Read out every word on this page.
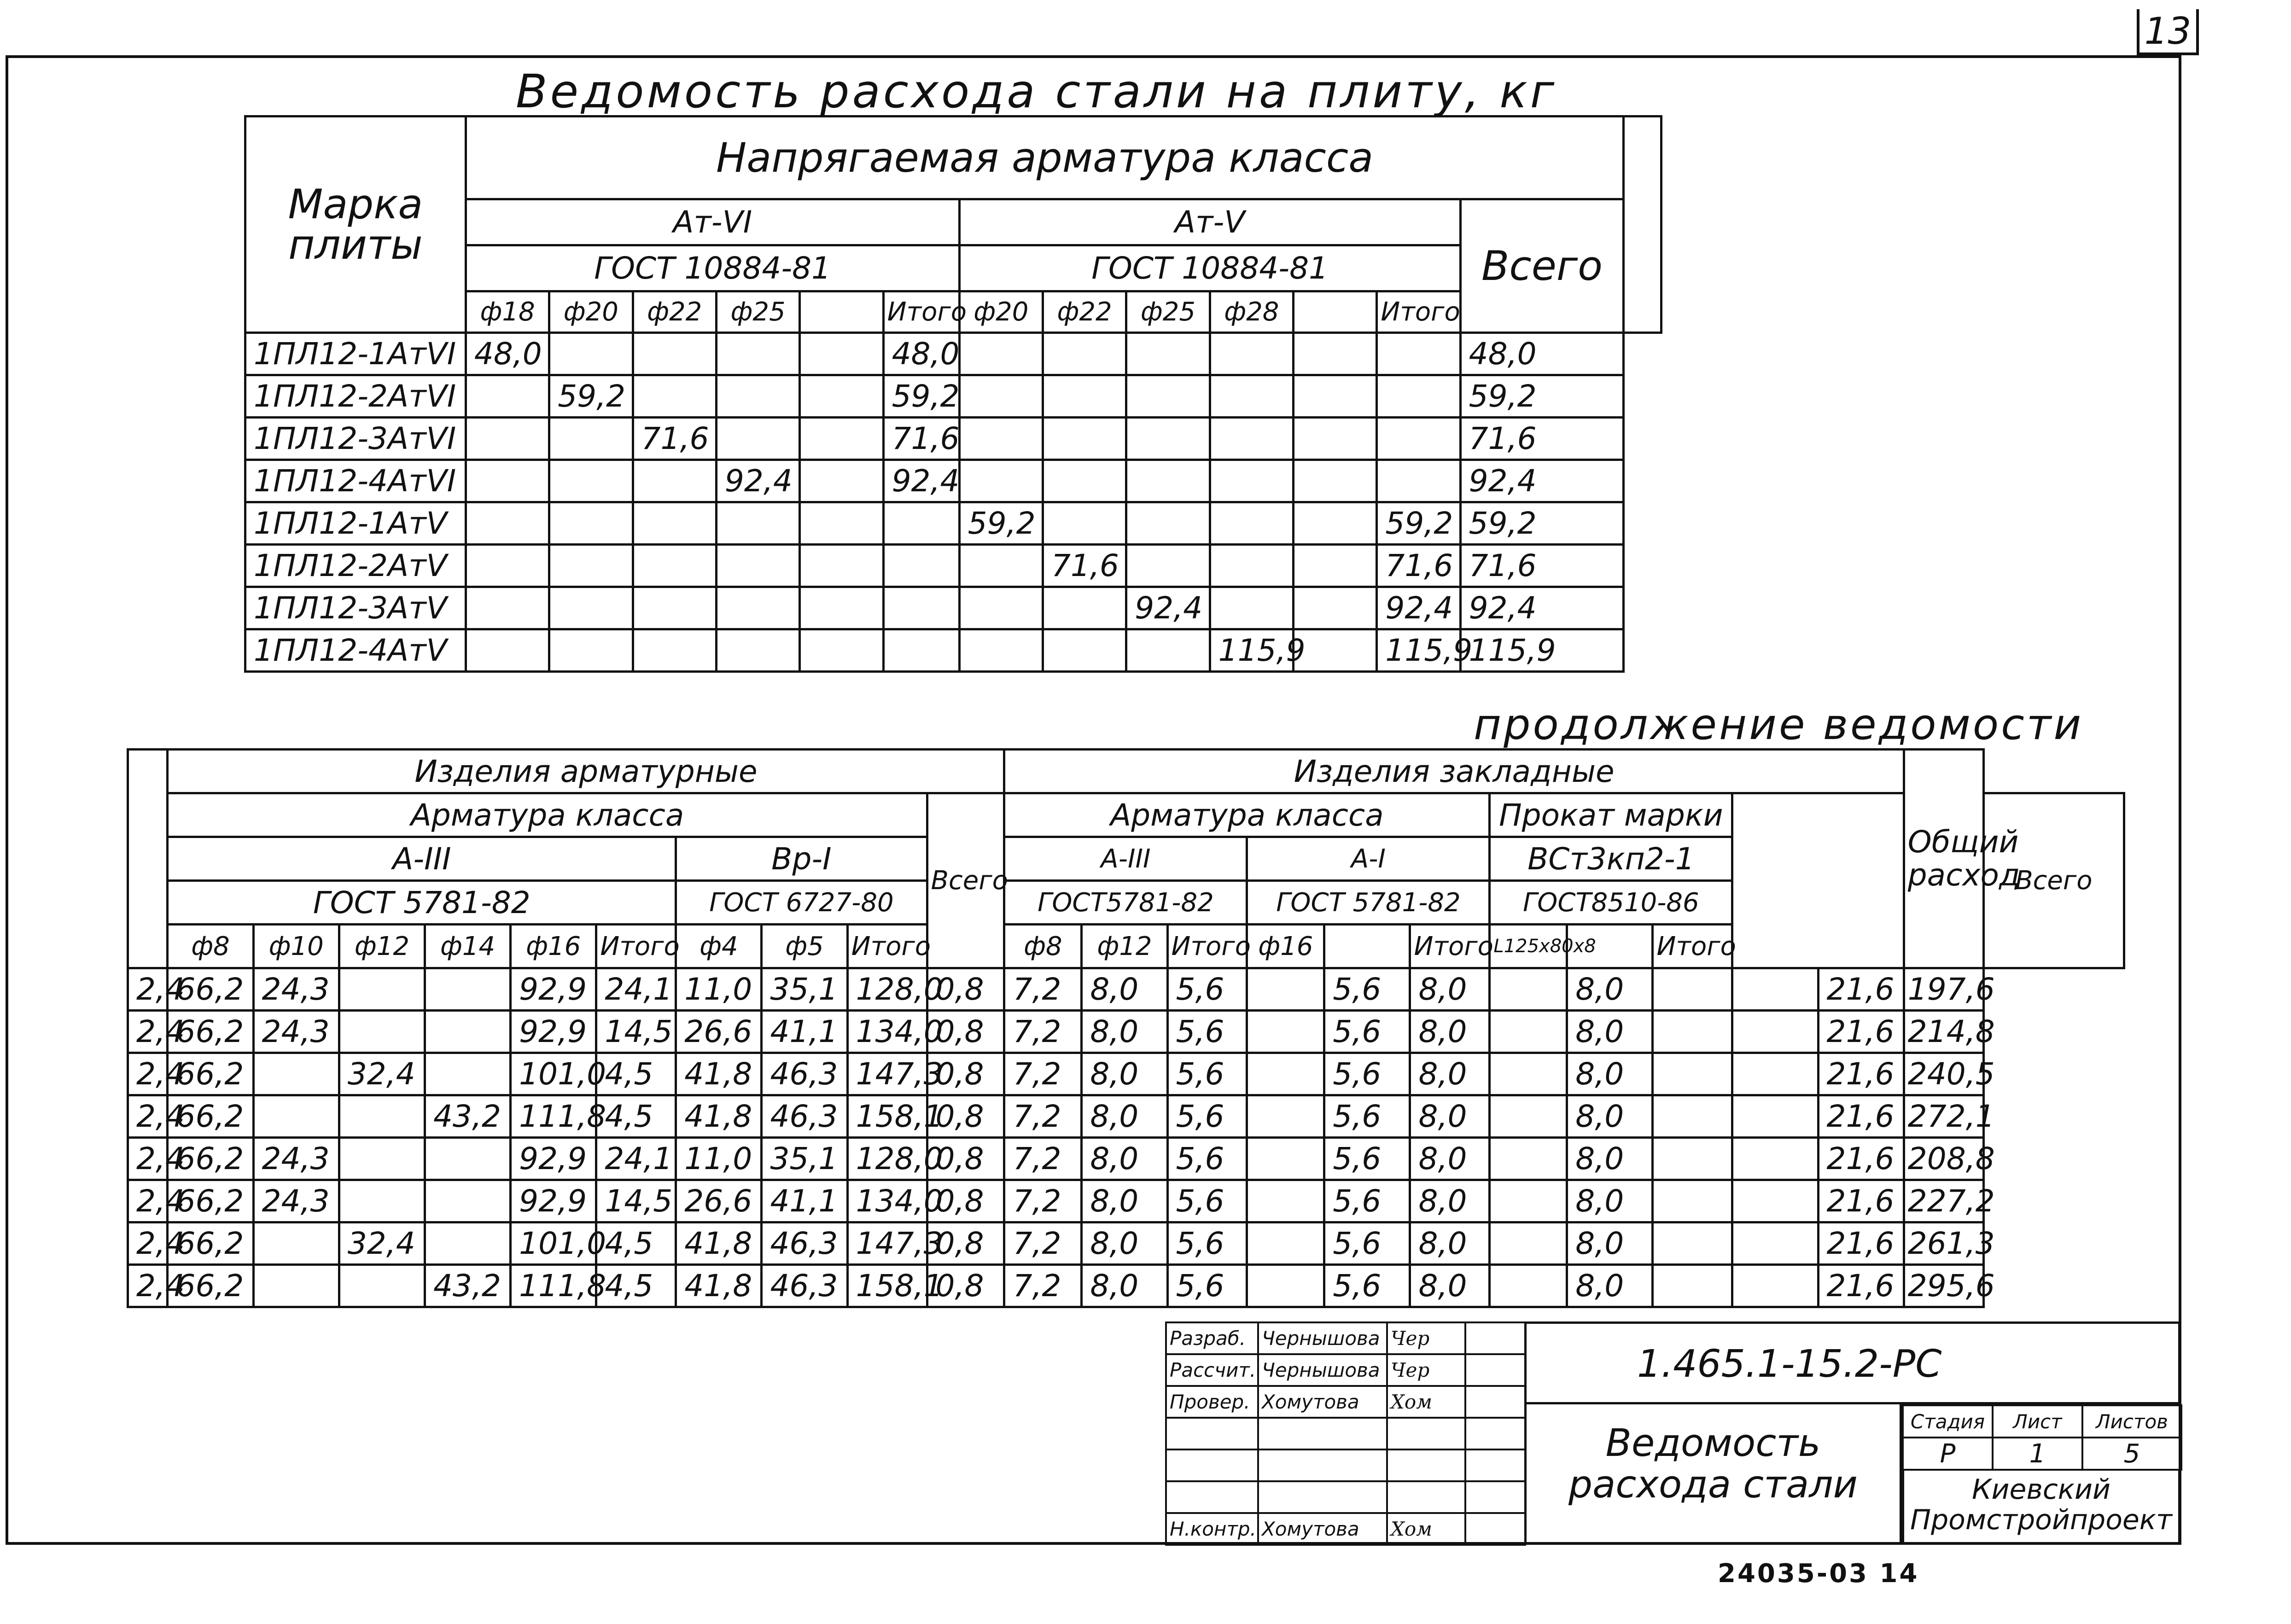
13
Ведомость расхода стали на плиту, кг
Марка плиты	Напрягаемая арматура класса													
	Ат-VI						Ат-V						Всего	
	ГОСТ 10884-81						ГОСТ 10884-81							
	ф18	ф20	ф22	ф25		Итого	ф20	ф22	ф25	ф28		Итого		
1ПЛ12-1АтVI	48,0					48,0							48,0	
1ПЛ12-2АтVI		59,2				59,2							59,2	
1ПЛ12-3АтVI			71,6			71,6							71,6	
1ПЛ12-4АтVI				92,4		92,4							92,4	
1ПЛ12-1АтV							59,2					59,2	59,2	
1ПЛ12-2АтV								71,6				71,6	71,6	
1ПЛ12-3АтV									92,4			92,4	92,4	
1ПЛ12-4АтV										115,9		115,9	115,9	
продолжение ведомости
	Изделия арматурные										Изделия закладные											Общий расход	
	Арматура класса									Всего	Арматура класса						Прокат марки						Всего
	А-III						Вр-I				А-III			А-I			ВСт3кп2-1						
	ГОСТ 5781-82						ГОСТ 6727-80				ГОСТ5781-82			ГОСТ 5781-82			ГОСТ8510-86						
	ф8	ф10	ф12	ф14	ф16	Итого	ф4	ф5	Итого		ф8	ф12	Итого	ф16		Итого	L125х80х8		Итого				
2,4	66,2	24,3			92,9	24,1	11,0	35,1	128,0	0,8	7,2	8,0	5,6		5,6	8,0		8,0			21,6	197,6	
2,4	66,2	24,3			92,9	14,5	26,6	41,1	134,0	0,8	7,2	8,0	5,6		5,6	8,0		8,0			21,6	214,8	
2,4	66,2		32,4		101,0	4,5	41,8	46,3	147,3	0,8	7,2	8,0	5,6		5,6	8,0		8,0			21,6	240,5	
2,4	66,2			43,2	111,8	4,5	41,8	46,3	158,1	0,8	7,2	8,0	5,6		5,6	8,0		8,0			21,6	272,1	
2,4	66,2	24,3			92,9	24,1	11,0	35,1	128,0	0,8	7,2	8,0	5,6		5,6	8,0		8,0			21,6	208,8	
2,4	66,2	24,3			92,9	14,5	26,6	41,1	134,0	0,8	7,2	8,0	5,6		5,6	8,0		8,0			21,6	227,2	
2,4	66,2		32,4		101,0	4,5	41,8	46,3	147,3	0,8	7,2	8,0	5,6		5,6	8,0		8,0			21,6	261,3	
2,4	66,2			43,2	111,8	4,5	41,8	46,3	158,1	0,8	7,2	8,0	5,6		5,6	8,0		8,0			21,6	295,6	
Разраб.	Чернышова	Чер	
Рассчит.	Чернышова	Чер	
Провер.	Хомутова	Хом	

Н.контр.	Хомутова	Хом	
1.465.1-15.2-РС
Ведомость расхода стали
Стадия	Лист	Листов
Р	1	5
Киевский Промстройпроект
24035-03 14
